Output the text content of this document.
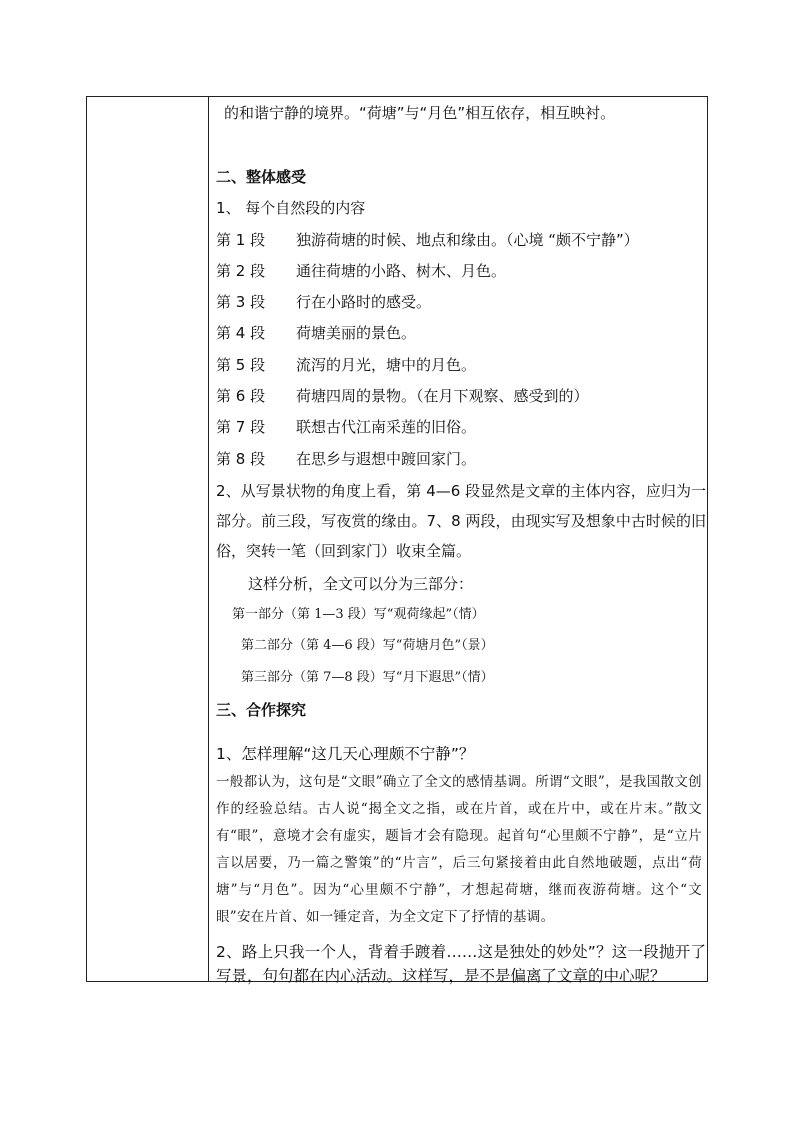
的和谐宁静的境界。“荷塘”与“月色”相互依存，相互映衬。
二、整体感受
1、 每个自然段的内容
第 1 段 独游荷塘的时候、地点和缘由。（心境 “颇不宁静”）
第 2 段 通往荷塘的小路、树木、月色。
第 3 段 行在小路时的感受。
第 4 段 荷塘美丽的景色。
第 5 段 流泻的月光，塘中的月色。
第 6 段 荷塘四周的景物。（在月下观察、感受到的）
第 7 段 联想古代江南采莲的旧俗。
第 8 段 在思乡与遐想中踱回家门。
2、从写景状物的角度上看，第 4—6 段显然是文章的主体内容，应归为一部分。前三段，写夜赏的缘由。7、8 两段，由现实写及想象中古时候的旧俗，突转一笔（回到家门）收束全篇。
这样分析，全文可以分为三部分：
第一部分（第 1—3 段）写“观荷缘起”（情）
第二部分（第 4—6 段）写“荷塘月色”（景）
第三部分（第 7—8 段）写“月下遐思”（情）
三、合作探究
1、怎样理解“这几天心理颇不宁静”？
一般都认为，这句是“文眼”确立了全文的感情基调。所谓“文眼”，是我国散文创作的经验总结。古人说“揭全文之指，或在片首，或在片中，或在片末。”散文有“眼”，意境才会有虚实，题旨才会有隐现。起首句“心里颇不宁静”，是“立片言以居要，乃一篇之警策”的“片言”，后三句紧接着由此自然地破题，点出“荷塘”与“月色”。因为“心里颇不宁静”，才想起荷塘，继而夜游荷塘。这个“文眼”安在片首、如一锤定音，为全文定下了抒情的基调。
2、路上只我一个人，背着手踱着……这是独处的妙处”？这一段抛开了写景，句句都在内心活动。这样写，是不是偏离了文章的中心呢？
